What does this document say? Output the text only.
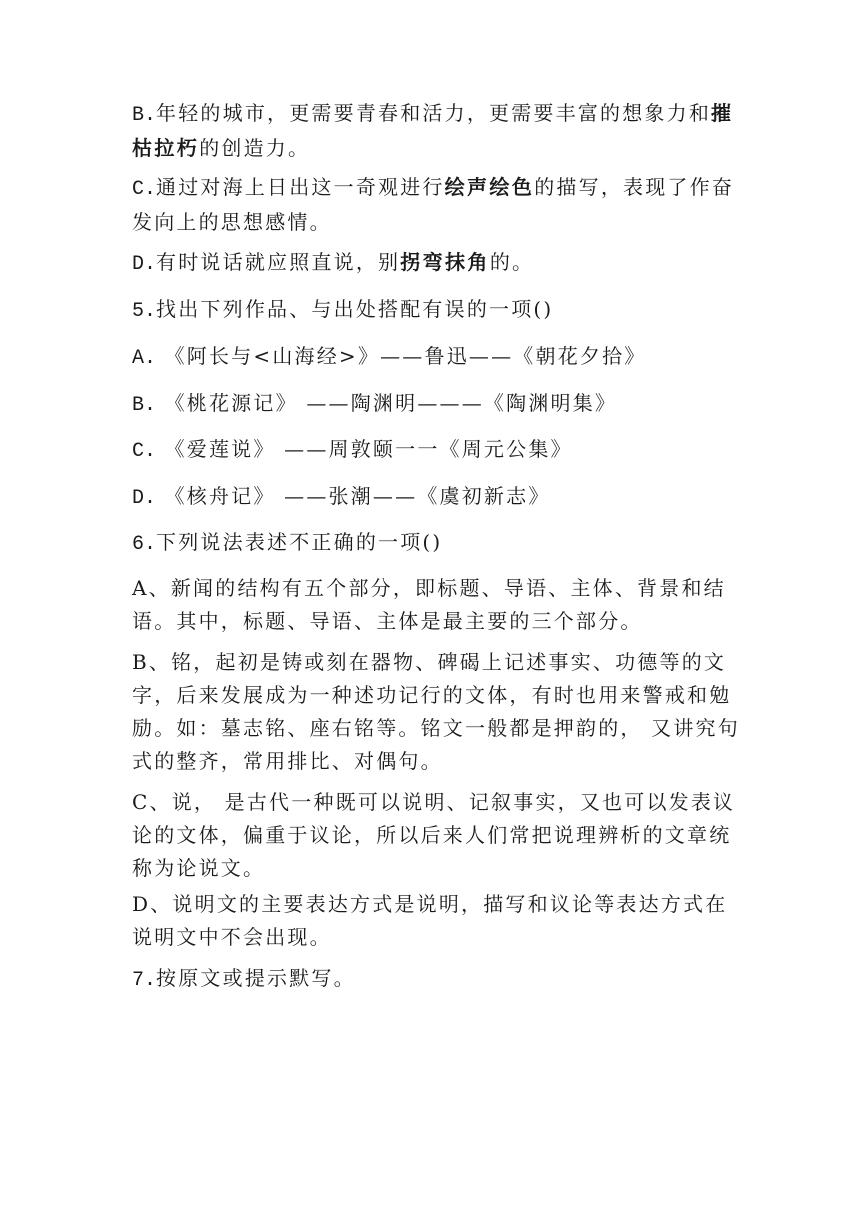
B.年轻的城市，更需要青春和活力，更需要丰富的想象力和摧
枯拉朽的创造力。
C.通过对海上日出这一奇观进行绘声绘色的描写，表现了作奋
发向上的思想感情。
D.有时说话就应照直说，别拐弯抹角的。
5.找出下列作品、与出处搭配有误的一项()
A. 《阿长与<山海经>》——鲁迅——《朝花夕拾》
B. 《桃花源记》 ——陶渊明———《陶渊明集》
C. 《爱莲说》 ——周敦颐一一《周元公集》
D. 《核舟记》 ——张潮——《虞初新志》
6.下列说法表述不正确的一项()
A、新闻的结构有五个部分，即标题、导语、主体、背景和结语。其中，标题、导语、主体是最主要的三个部分。
B、铭，起初是铸或刻在器物、碑碣上记述事实、功德等的文字，后来发展成为一种述功记行的文体，有时也用来警戒和勉励。如：墓志铭、座右铭等。铭文一般都是押韵的， 又讲究句式的整齐，常用排比、对偶句。
C、说， 是古代一种既可以说明、记叙事实，又也可以发表议论的文体，偏重于议论，所以后来人们常把说理辨析的文章统称为论说文。
D、说明文的主要表达方式是说明，描写和议论等表达方式在说明文中不会出现。
7.按原文或提示默写。
